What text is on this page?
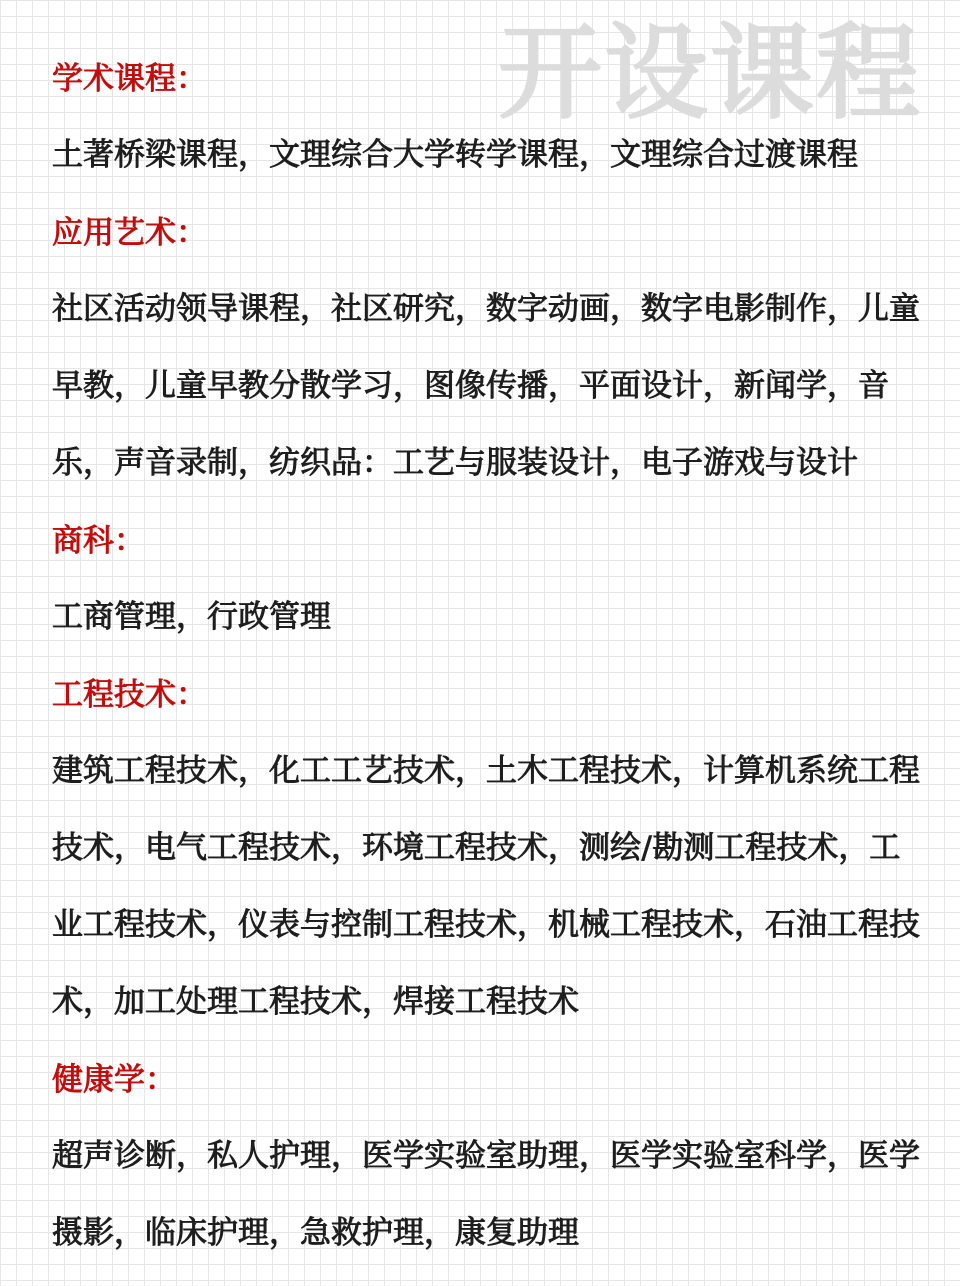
开设课程
学术课程：
土著桥梁课程，文理综合大学转学课程，文理综合过渡课程
应用艺术：
社区活动领导课程，社区研究，数字动画，数字电影制作，儿童早教，儿童早教分散学习，图像传播，平面设计，新闻学，音乐，声音录制，纺织品：工艺与服装设计，电子游戏与设计
商科：
工商管理，行政管理
工程技术：
建筑工程技术，化工工艺技术，土木工程技术，计算机系统工程技术，电气工程技术，环境工程技术，测绘/勘测工程技术，工业工程技术，仪表与控制工程技术，机械工程技术，石油工程技术，加工处理工程技术，焊接工程技术
健康学：
超声诊断，私人护理，医学实验室助理，医学实验室科学，医学摄影，临床护理，急救护理，康复助理
